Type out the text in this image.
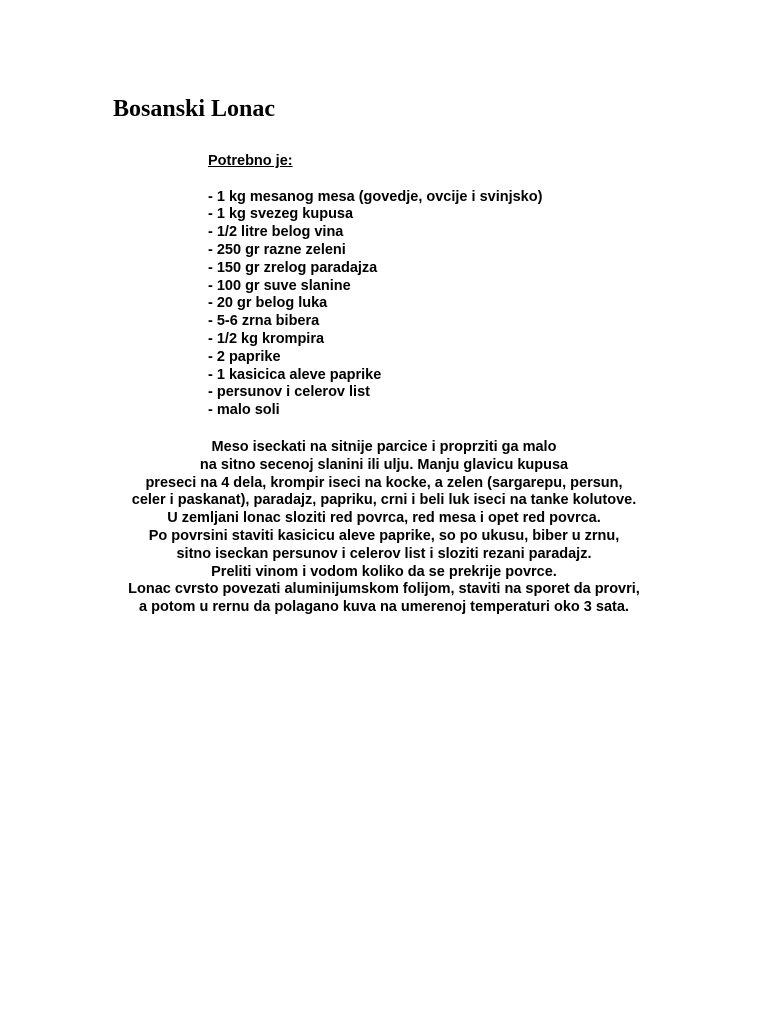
Bosanski Lonac

Potrebno je:

- 1 kg mesanog mesa (govedje, ovcije i svinjsko)
- 1 kg svezeg kupusa
- 1/2 litre belog vina
- 250 gr razne zeleni
- 150 gr zrelog paradajza
- 100 gr suve slanine
- 20 gr belog luka
- 5-6 zrna bibera
- 1/2 kg krompira
- 2 paprike
- 1 kasicica aleve paprike
- persunov i celerov list
- malo soli
Meso iseckati na sitnije parcice i proprziti ga malo
na sitno secenoj slanini ili ulju. Manju glavicu kupusa
preseci na 4 dela, krompir iseci na kocke, a zelen (sargarepu, persun,
celer i paskanat), paradajz, papriku, crni i beli luk iseci na tanke kolutove.
U zemljani lonac sloziti red povrca, red mesa i opet red povrca.
Po povrsini staviti kasicicu aleve paprike, so po ukusu, biber u zrnu,
sitno iseckan persunov i celerov list i sloziti rezani paradajz.
Preliti vinom i vodom koliko da se prekrije povrce.
Lonac cvrsto povezati aluminijumskom folijom, staviti na sporet da provri,
a potom u rernu da polagano kuva na umerenoj temperaturi oko 3 sata.
